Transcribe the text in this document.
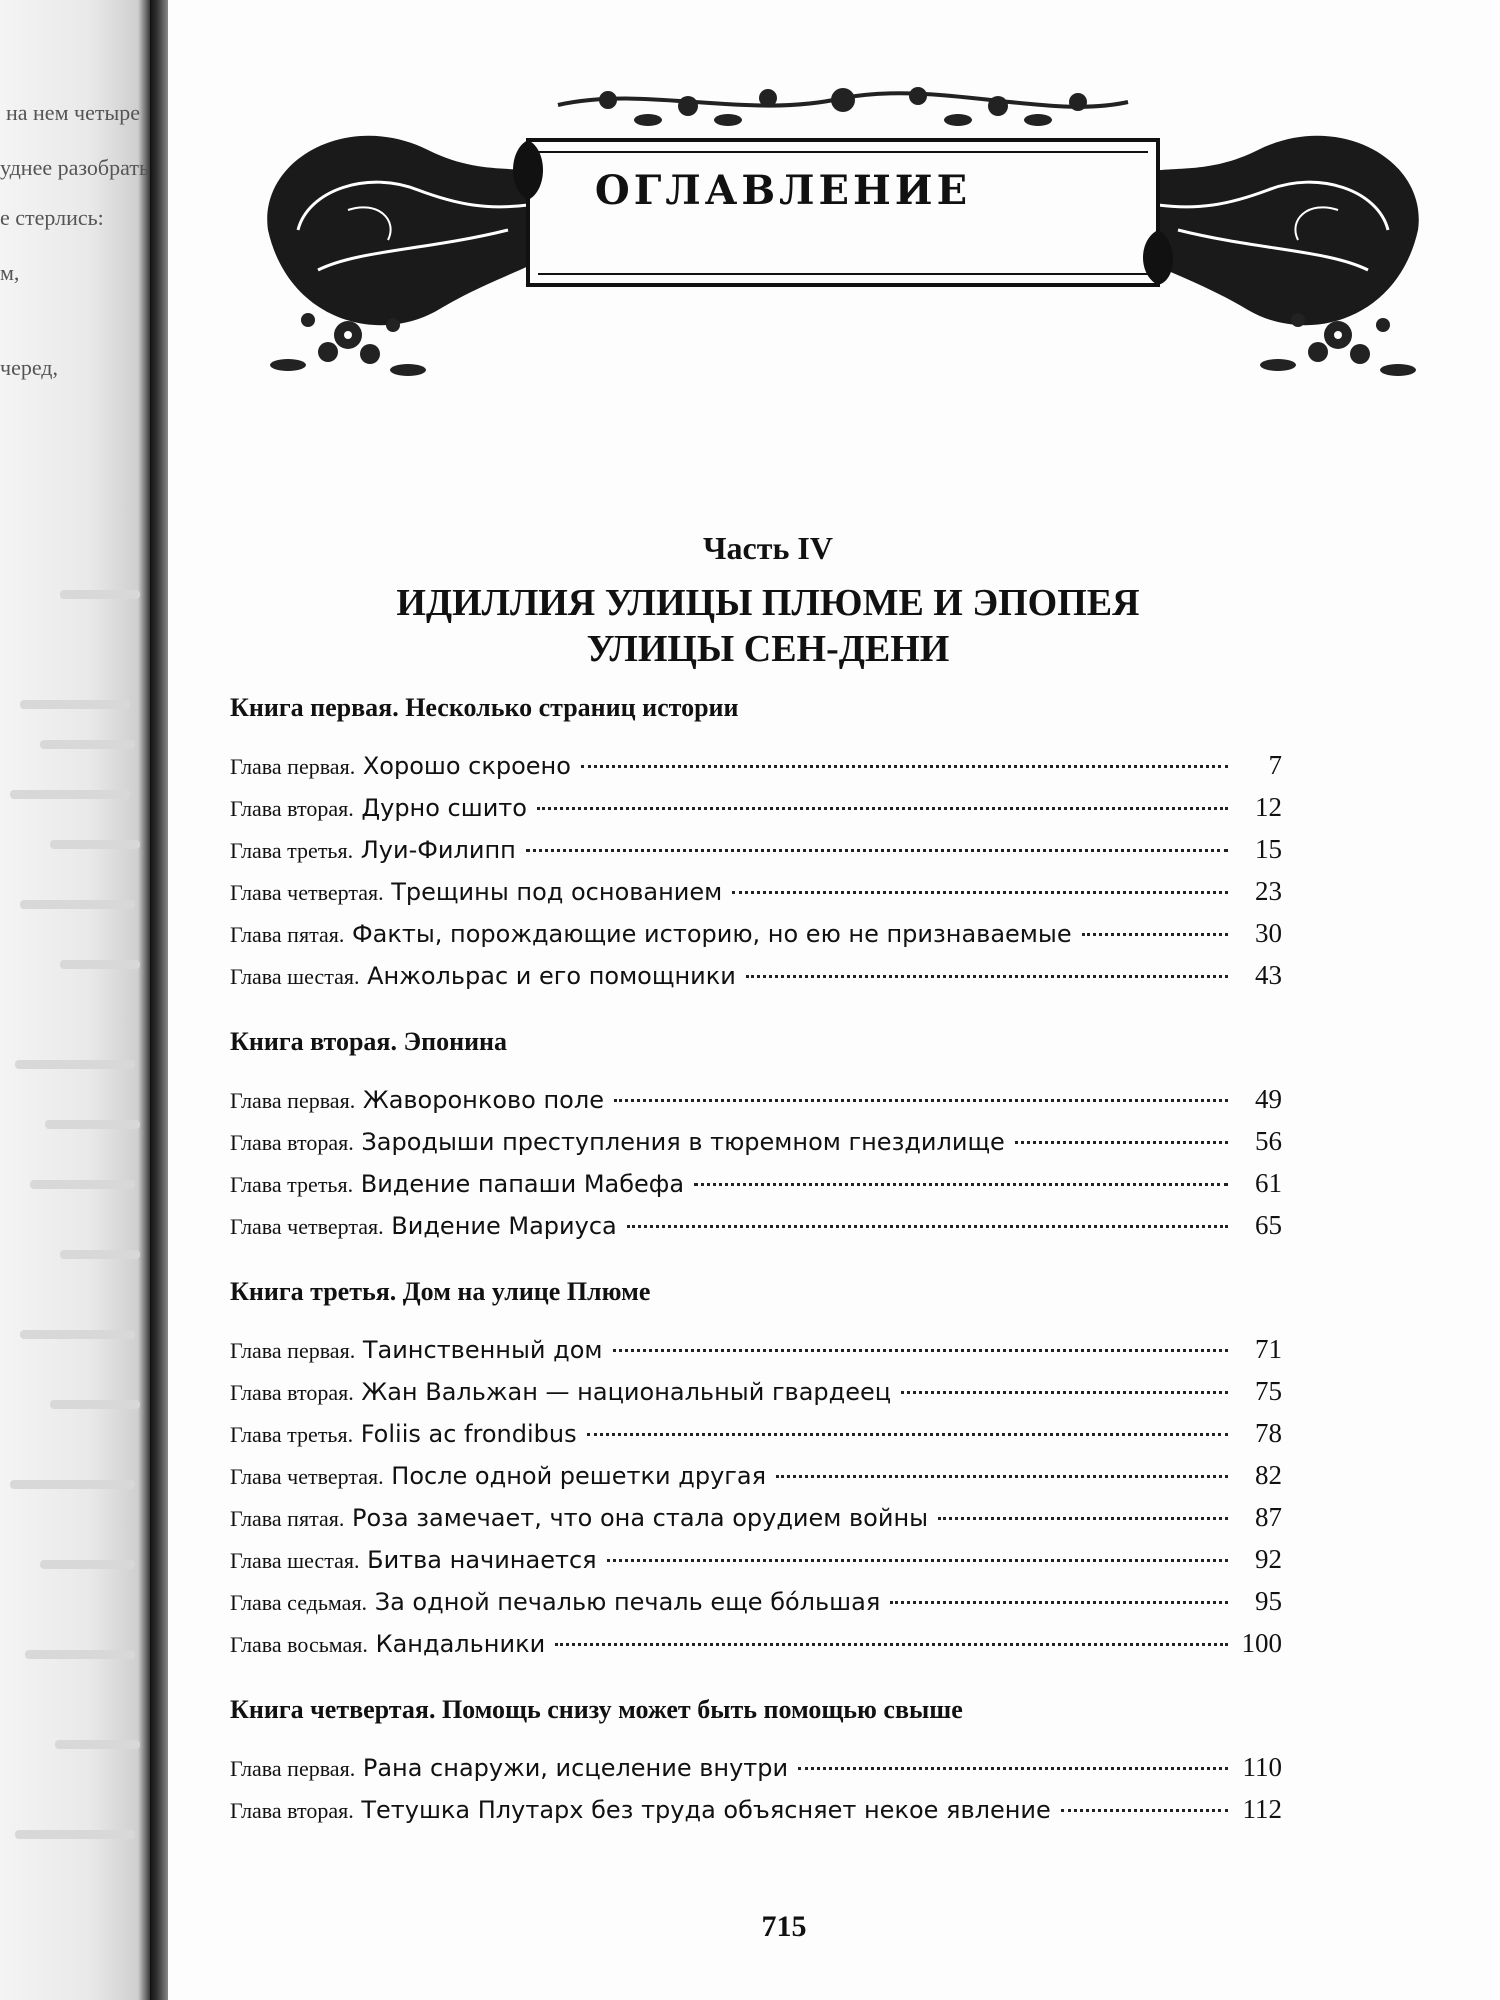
на нем четыре
уднее разобрать
е стерлись:
м,
черед,
ОГЛАВЛЕНИЕ
Часть IV
ИДИЛЛИЯ УЛИЦЫ ПЛЮМЕ И ЭПОПЕЯ
УЛИЦЫ СЕН-ДЕНИ
Книга первая. Несколько страниц истории
Глава первая. Хорошо скроено	7
Глава вторая. Дурно сшито	12
Глава третья. Луи-Филипп	15
Глава четвертая. Трещины под основанием	23
Глава пятая. Факты, порождающие историю, но ею не признаваемые	30
Глава шестая. Анжольрас и его помощники	43
Книга вторая. Эпонина
Глава первая. Жаворонково поле	49
Глава вторая. Зародыши преступления в тюремном гнездилище	56
Глава третья. Видение папаши Мабефа	61
Глава четвертая. Видение Мариуса	65
Книга третья. Дом на улице Плюме
Глава первая. Таинственный дом	71
Глава вторая. Жан Вальжан — национальный гвардеец	75
Глава третья. Foliis ac frondibus	78
Глава четвертая. После одной решетки другая	82
Глава пятая. Роза замечает, что она стала орудием войны	87
Глава шестая. Битва начинается	92
Глава седьмая. За одной печалью печаль еще бóльшая	95
Глава восьмая. Кандальники	100
Книга четвертая. Помощь снизу может быть помощью свыше
Глава первая. Рана снаружи, исцеление внутри	110
Глава вторая. Тетушка Плутарх без труда объясняет некое явление	112
715
